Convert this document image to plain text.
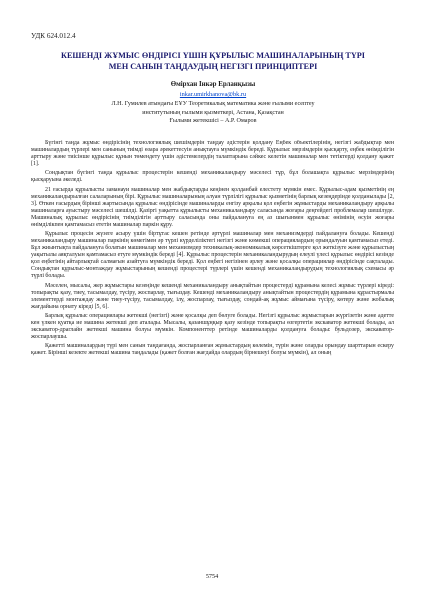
УДК 624.012.4
КЕШЕНДІ ЖҰМЫС ӨНДІРІСІ ҮШІН ҚҰРЫЛЫС МАШИНАЛАРЫНЫҢ ТҮРІ
МЕН САНЫН ТАҢДАУДЫҢ НЕГІЗГІ ПРИНЦИПТЕРІ
Өмірхан Інкәр Ерланқызы
inkar.umirkhanova@bk.ru
Л.Н. Гумилев атындағы ЕҰУ Теоретикалық математика және ғылыми есептеу
институтының ғылыми қызметкері, Астана, Қазақстан
Ғылыми жетекшісі – А.Р. Омаров

Бүгінгі таңда жұмыс өндірісінің технологиялық шешімдерін таңдау әдістерін қолдану Еңбек объектілерінің, негізгі жабдықтар мен машиналардың түрлері мен санының тиімді өзара әрекеттесуін анықтауға мүмкіндік береді. Құрылыс мерзімдерін қысқарту, еңбек өнімділігін арттыру және тиісінше құрылыс құнын төмендету үшін әдістемелердің талаптарына сәйкес келетін машиналар мен тетіктерді қолдану қажет [1].

Сондықтан бүгінгі таңда құрылыс процестерін кешенді механикаландыру мәселесі тұр, бұл болашақта құрылыс мерзімдерінің қысқаруына әкеледі.

21 ғасырда құрылысты заманауи машиналар мен жабдықтарды кеңінен қолданбай елестету мүмкін емес. Құрылыс-адам қызметінің ең механикаландырылған салаларының бірі. Құрылыс машиналарының алуан түрлілігі құрылыс қызметінің барлық кезеңдерінде қолданылады [2, 3]. Өткен ғасырдың бірінші жартысында құрылыс өндірісінде машиналарды енгізу арқылы қол еңбегін жұмыстарды механикаландыру арқылы машиналарға ауыстыру мәселесі шешілді. Қазіргі уақытта құрылысты механикаландыру саласында жоғары деңгейдегі проблемалар шешілуде. Машиналық құрылыс өндірісінің тиімділігін арттыру саласында оны пайдалануға ең аз шығынмен құрылыс өнімінің өсуін жоғары өнімділікпен қамтамасыз ететін машиналар паркін құру.

Құрылыс процесін жүзеге асыру үшін біртұтас кешен ретінде әртүрлі машиналар мен механизмдерді пайдалануға болады. Кешенді механикаландыру машиналар паркінің көмегімен әр түрлі күрделіліктегі негізгі және көмекші операциялардың орындалуын қамтамасыз етеді. Бұл жиынтықта пайдалануға болатын машиналар мен механизмдер техникалық-экономикалық көрсеткіштерге қол жеткізуге және құрылыстың уақытылы аяқталуын қамтамасыз етуге мүмкіндік береді [4]. Құрылыс процестерін механикаландырудың елеулі үлесі құрылыс өндірісі кезінде қол еңбегінің айтарлықтай салмағын азайтуға мүмкіндік береді. Қол еңбегі негізінен әрлеу және қосалқы операциялар өндірісінде сақталады. Сондықтан құрылыс-монтаждау жұмыстарының кешенді процестері түрлері үшін кешенді механикаландырудың технологиялық схемасы әр түрлі болады.

Мәселен, мысалы, жер жұмыстары кезеңінде кешенді механикаландыру анықтайтын процестерді құрамына келесі жұмыс түрлері кіреді: топырақты қазу, тиеу, тасымалдау, түсіру, жоспарлау, тығыздау. Кешенді механикаландыру анықтайтын процестердің құрамына құрастырмалы элементтерді монтаждау және тиеу-түсіру, тасымалдау, ілу, жоспарлау, тығыздау, сондай-ақ жұмыс аймағына түсіру, көтеру және жобалық жағдайына орнату кіреді [5, 6].

Барлық құрылыс операциялары жетекші (негізгі) және қосалқы деп бөлуге болады. Негізгі құрылыс жұмыстарын жүргізетін және адетте кен үлкен қуатқа ие машина жетекші деп аталады. Мысалы, қазаншұңқыр қазу кезінде топырақты өзгертетін экскаватор жетекші болады, ал экскаватор-драглайн жетекші машина болуы мүмкін. Компоненттер ретінде машиналарды қолдануға болады: бульдозер, экскаватор-жоспарлаушы.

Қажетті машиналардың түрі мен санын таңдағанда, жоспарланған жұмыстардың көлемін, түрін және оларды орындау шарттарын ескеру қажет. Бірінші кезекте жетекші машина таңдалады (қажет болған жағдайда олардың бірнешеуі болуы мүмкін), ал оның

5754
